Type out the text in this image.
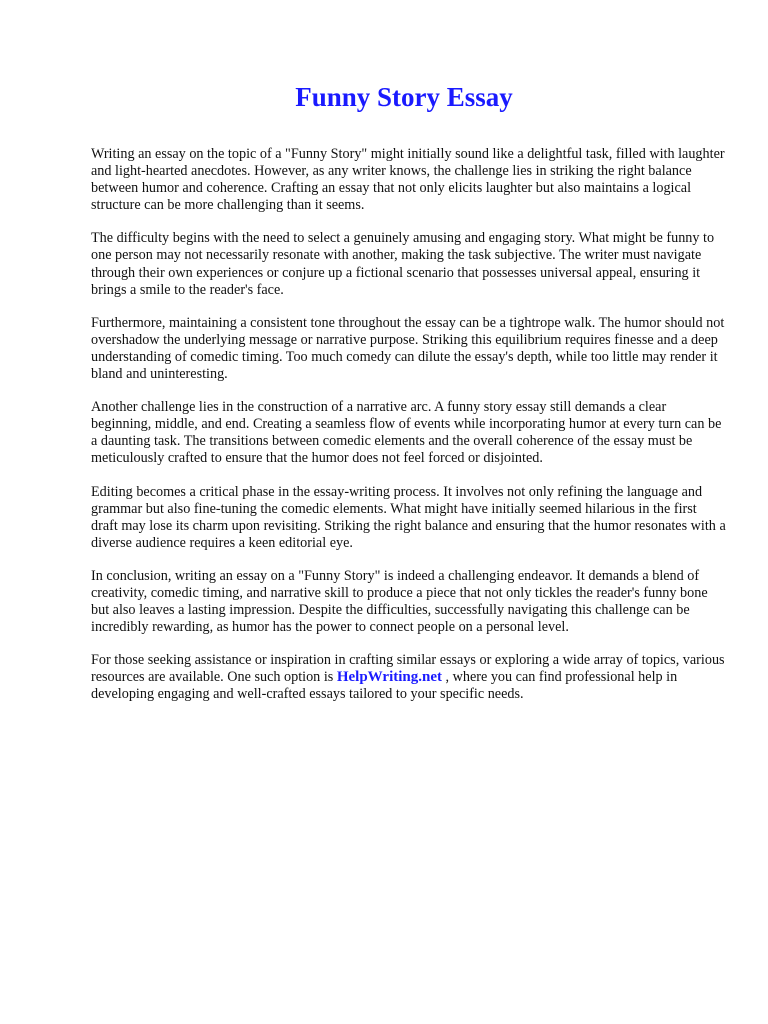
Funny Story Essay

Writing an essay on the topic of a "Funny Story" might initially sound like a delightful task, filled with laughter and light-hearted anecdotes. However, as any writer knows, the challenge lies in striking the right balance between humor and coherence. Crafting an essay that not only elicits laughter but also maintains a logical structure can be more challenging than it seems.

The difficulty begins with the need to select a genuinely amusing and engaging story. What might be funny to one person may not necessarily resonate with another, making the task subjective. The writer must navigate through their own experiences or conjure up a fictional scenario that possesses universal appeal, ensuring it brings a smile to the reader's face.

Furthermore, maintaining a consistent tone throughout the essay can be a tightrope walk. The humor should not overshadow the underlying message or narrative purpose. Striking this equilibrium requires finesse and a deep understanding of comedic timing. Too much comedy can dilute the essay's depth, while too little may render it bland and uninteresting.

Another challenge lies in the construction of a narrative arc. A funny story essay still demands a clear beginning, middle, and end. Creating a seamless flow of events while incorporating humor at every turn can be a daunting task. The transitions between comedic elements and the overall coherence of the essay must be meticulously crafted to ensure that the humor does not feel forced or disjointed.

Editing becomes a critical phase in the essay-writing process. It involves not only refining the language and grammar but also fine-tuning the comedic elements. What might have initially seemed hilarious in the first draft may lose its charm upon revisiting. Striking the right balance and ensuring that the humor resonates with a diverse audience requires a keen editorial eye.

In conclusion, writing an essay on a "Funny Story" is indeed a challenging endeavor. It demands a blend of creativity, comedic timing, and narrative skill to produce a piece that not only tickles the reader's funny bone but also leaves a lasting impression. Despite the difficulties, successfully navigating this challenge can be incredibly rewarding, as humor has the power to connect people on a personal level.

For those seeking assistance or inspiration in crafting similar essays or exploring a wide array of topics, various resources are available. One such option is HelpWriting.net , where you can find professional help in developing engaging and well-crafted essays tailored to your specific needs.
